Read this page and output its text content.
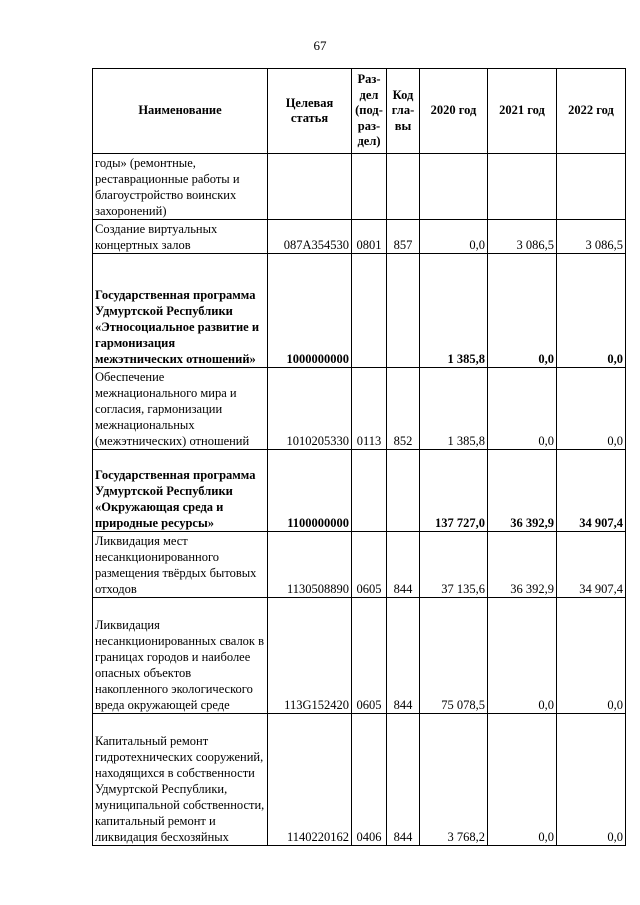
67
Наименование	Целевая статья	Раз-дел (под-раз-дел)	Код гла-вы	2020 год	2021 год	2022 год
годы» (ремонтные, реставрационные работы и благоустройство воинских захоронений)						
Создание виртуальных концертных залов	087A354530	0801	857	0,0	3 086,5	3 086,5
Государственная программа Удмуртской Республики «Этносоциальное развитие и гармонизация межэтнических отношений»	1000000000			1 385,8	0,0	0,0
Обеспечение межнационального мира и согласия, гармонизации межнациональных (межэтнических) отношений	1010205330	0113	852	1 385,8	0,0	0,0
Государственная программа Удмуртской Республики «Окружающая среда и природные ресурсы»	1100000000			137 727,0	36 392,9	34 907,4
Ликвидация мест несанкционированного размещения твёрдых бытовых отходов	1130508890	0605	844	37 135,6	36 392,9	34 907,4
Ликвидация несанкционированных свалок в границах городов и наиболее опасных объектов накопленного экологического вреда окружающей среде	113G152420	0605	844	75 078,5	0,0	0,0
Капитальный ремонт гидротехнических сооружений, находящихся в собственности Удмуртской Республики, муниципальной собственности, капитальный ремонт и ликвидация бесхозяйных	1140220162	0406	844	3 768,2	0,0	0,0
